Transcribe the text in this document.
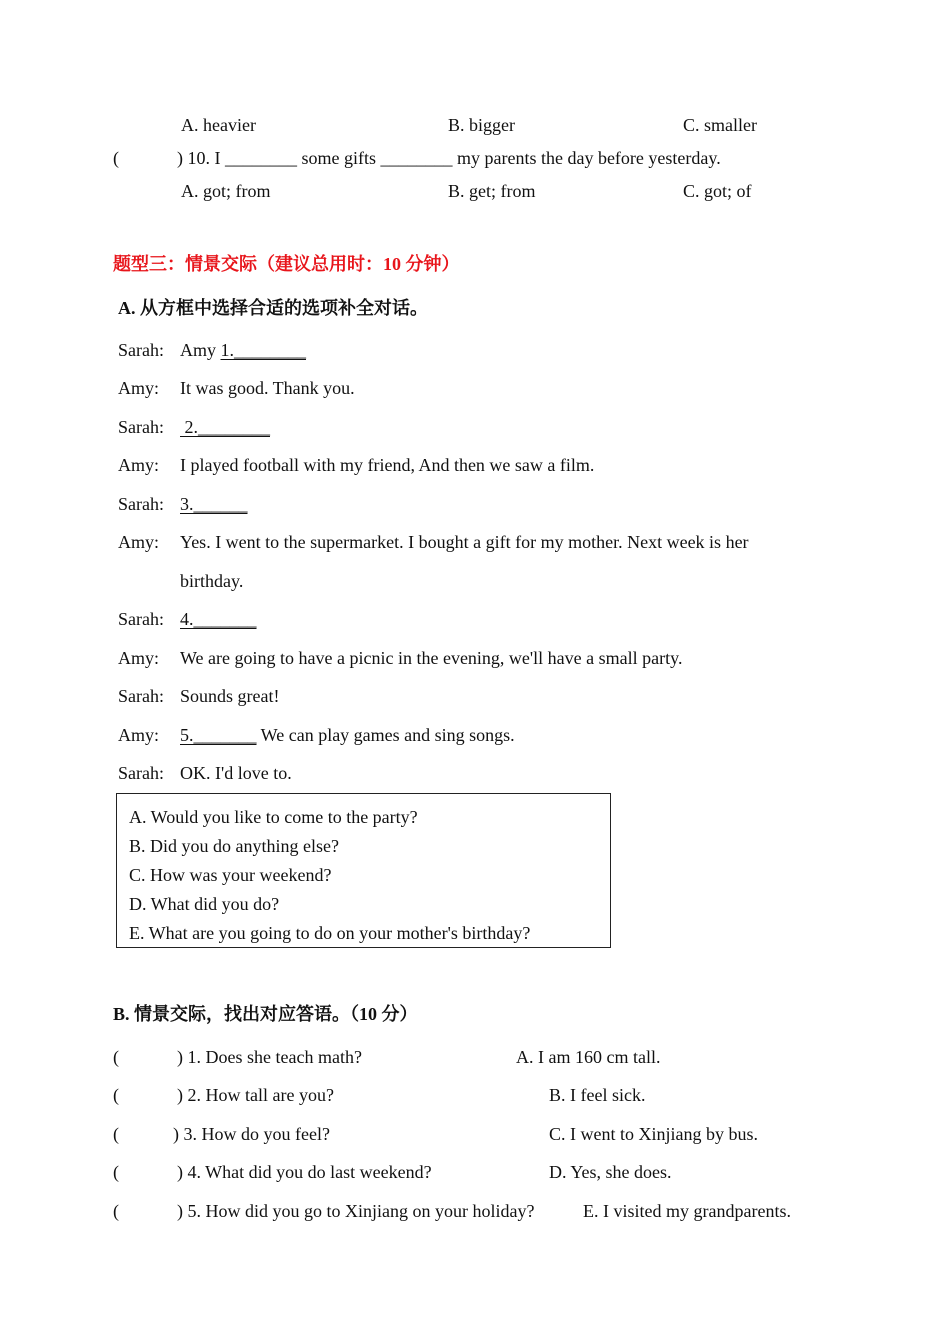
A. heavier	B. bigger	C. smaller
(	) 10. I ________ some gifts ________ my parents the day before yesterday.
A. got; from	B. get; from	C. got; of
题型三：情景交际（建议总用时：10 分钟）
A. 从方框中选择合适的选项补全对话。
Sarah: Amy 1.________
Amy: It was good. Thank you.
Sarah: 2.________
Amy: I played football with my friend, And then we saw a film.
Sarah: 3.______
Amy: Yes. I went to the supermarket. I bought a gift for my mother. Next week is her
birthday.
Sarah: 4._______
Amy: We are going to have a picnic in the evening, we'll have a small party.
Sarah: Sounds great!
Amy: 5._______ We can play games and sing songs.
Sarah: OK. I'd love to.
A. Would you like to come to the party?
B. Did you do anything else?
C. How was your weekend?
D. What did you do?
E. What are you going to do on your mother's birthday?
B. 情景交际，找出对应答语。（10 分）
(	) 1. Does she teach math?	A. I am 160 cm tall.
(	) 2. How tall are you?	B. I feel sick.
(	) 3. How do you feel?	C. I went to Xinjiang by bus.
(	) 4. What did you do last weekend?	D. Yes, she does.
(	) 5. How did you go to Xinjiang on your holiday?	E. I visited my grandparents.
